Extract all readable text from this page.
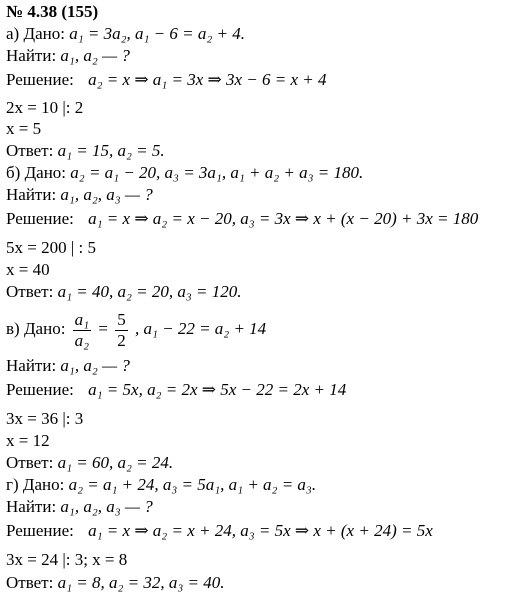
№ 4.38 (155)
а) Дано: a₁ = 3a₂, a₁ − 6 = a₂ + 4.
Найти: a₁, a₂ — ?
Решение: a₂ = x ⇒ a₁ = 3x ⇒ 3x − 6 = x + 4
2x = 10 |: 2
x = 5
Ответ: a₁ = 15, a₂ = 5.
б) Дано: a₂ = a₁ − 20, a₃ = 3a₁, a₁ + a₂ + a₃ = 180.
Найти: a₁, a₂, a₃ — ?
Решение: a₁ = x ⇒ a₂ = x − 20, a₃ = 3x ⇒ x + (x − 20) + 3x = 180
5x = 200 | : 5
x = 40
Ответ: a₁ = 40, a₂ = 20, a₃ = 120.
в) Дано: $\frac{\text{a₁}}{\text{a₂}} = \frac{5}{2}$ , a₁ − 22 = a₂ + 14
Найти: a₁, a₂ — ?
Решение: a₁ = 5x, a₂ = 2x ⇒ 5x − 22 = 2x + 14
3x = 36 |: 3
x = 12
Ответ: a₁ = 60, a₂ = 24.
г) Дано: a₂ = a₁ + 24, a₃ = 5a₁, a₁ + a₂ = a₃.
Найти: a₁, a₂, a₃ — ?
Решение: a₁ = x ⇒ a₂ = x + 24, a₃ = 5x ⇒ x + (x + 24) = 5x
3x = 24 |: 3; x = 8
Ответ: a₁ = 8, a₂ = 32, a₃ = 40.
